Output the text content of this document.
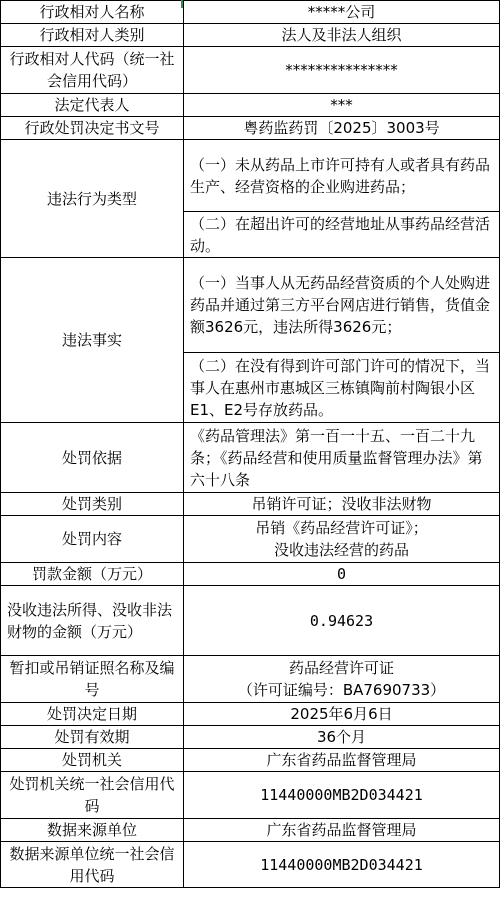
行政相对人名称	*****公司
行政相对人类别	法人及非法人组织
行政相对人代码（统一社会信用代码）	***************
法定代表人	***
行政处罚决定书文号	粤药监药罚〔2025〕3003号
违法行为类型	（一）未从药品上市许可持有人或者具有药品生产、经营资格的企业购进药品；
	（二）在超出许可的经营地址从事药品经营活动。
违法事实	（一）当事人从无药品经营资质的个人处购进药品并通过第三方平台网店进行销售，货值金额3626元，违法所得3626元；
	（二）在没有得到许可部门许可的情况下，当事人在惠州市惠城区三栋镇陶前村陶银小区 E1、E2号存放药品。
处罚依据	《药品管理法》第一百一十五、一百二十九条；《药品经营和使用质量监督管理办法》第六十八条
处罚类别	吊销许可证；没收非法财物
处罚内容	吊销《药品经营许可证》；
没收违法经营的药品

罚款金额（万元）	0
没收违法所得、没收非法财物的金额（万元）	0.94623
暂扣或吊销证照名称及编号	药品经营许可证
（许可证编号：BA7690733）

处罚决定日期	2025年6月6日
处罚有效期	36个月
处罚机关	广东省药品监督管理局
处罚机关统一社会信用代码	11440000MB2D034421
数据来源单位	广东省药品监督管理局
数据来源单位统一社会信用代码	11440000MB2D034421
